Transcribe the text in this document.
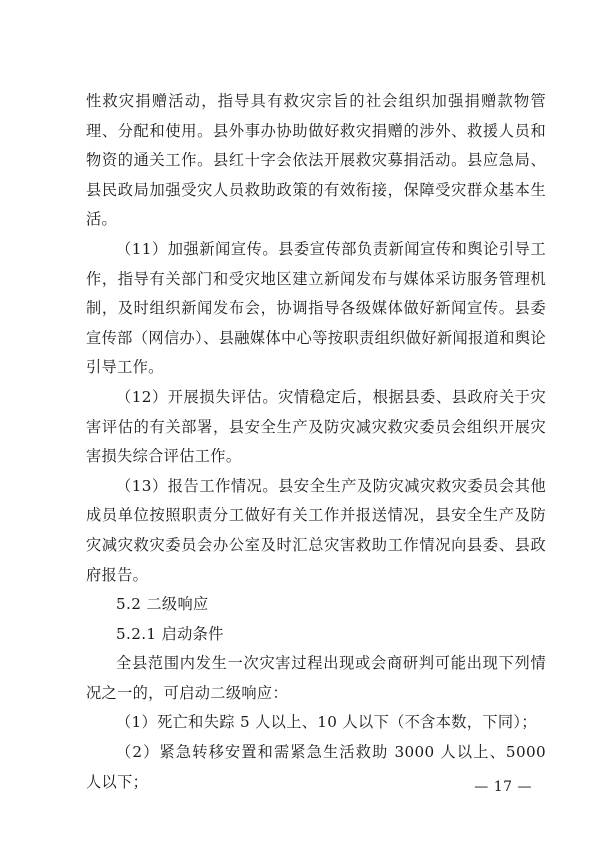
性救灾捐赠活动，指导具有救灾宗旨的社会组织加强捐赠款物管理、分配和使用。县外事办协助做好救灾捐赠的涉外、救援人员和物资的通关工作。县红十字会依法开展救灾募捐活动。县应急局、县民政局加强受灾人员救助政策的有效衔接，保障受灾群众基本生活。

（11）加强新闻宣传。县委宣传部负责新闻宣传和舆论引导工作，指导有关部门和受灾地区建立新闻发布与媒体采访服务管理机制，及时组织新闻发布会，协调指导各级媒体做好新闻宣传。县委宣传部（网信办）、县融媒体中心等按职责组织做好新闻报道和舆论引导工作。

（12）开展损失评估。灾情稳定后，根据县委、县政府关于灾害评估的有关部署，县安全生产及防灾减灾救灾委员会组织开展灾害损失综合评估工作。

（13）报告工作情况。县安全生产及防灾减灾救灾委员会其他成员单位按照职责分工做好有关工作并报送情况，县安全生产及防灾减灾救灾委员会办公室及时汇总灾害救助工作情况向县委、县政府报告。

5.2 二级响应

5.2.1 启动条件

全县范围内发生一次灾害过程出现或会商研判可能出现下列情况之一的，可启动二级响应：

（1）死亡和失踪 5 人以上、10 人以下（不含本数，下同）；

（2）紧急转移安置和需紧急生活救助 3000 人以上、5000 人以下；	— 17 —
